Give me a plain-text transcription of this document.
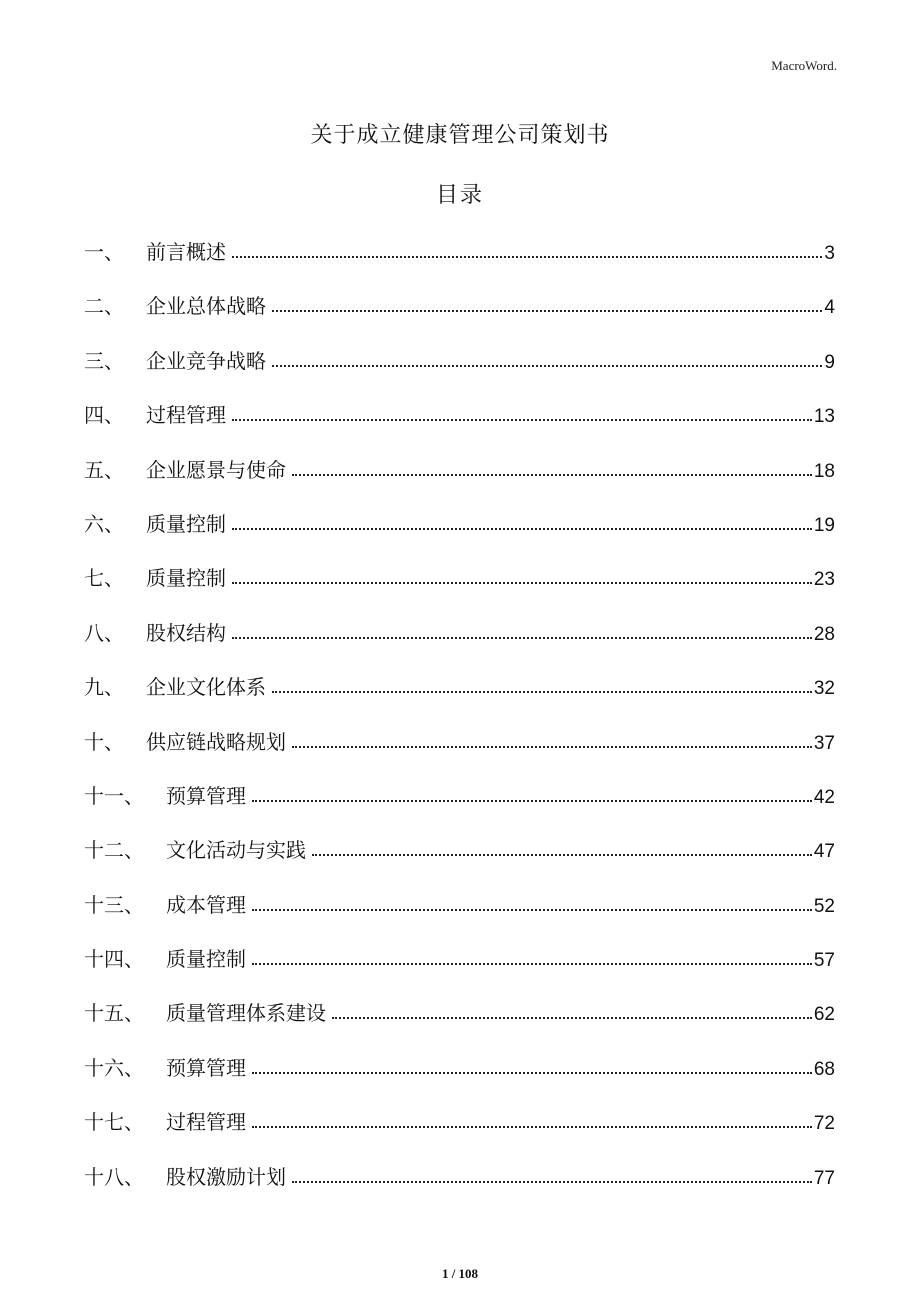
MacroWord.
关于成立健康管理公司策划书
目录
一、	前言概述	3
二、	企业总体战略	4
三、	企业竞争战略	9
四、	过程管理	13
五、	企业愿景与使命	18
六、	质量控制	19
七、	质量控制	23
八、	股权结构	28
九、	企业文化体系	32
十、	供应链战略规划	37
十一、	预算管理	42
十二、	文化活动与实践	47
十三、	成本管理	52
十四、	质量控制	57
十五、	质量管理体系建设	62
十六、	预算管理	68
十七、	过程管理	72
十八、	股权激励计划	77
1 / 108
